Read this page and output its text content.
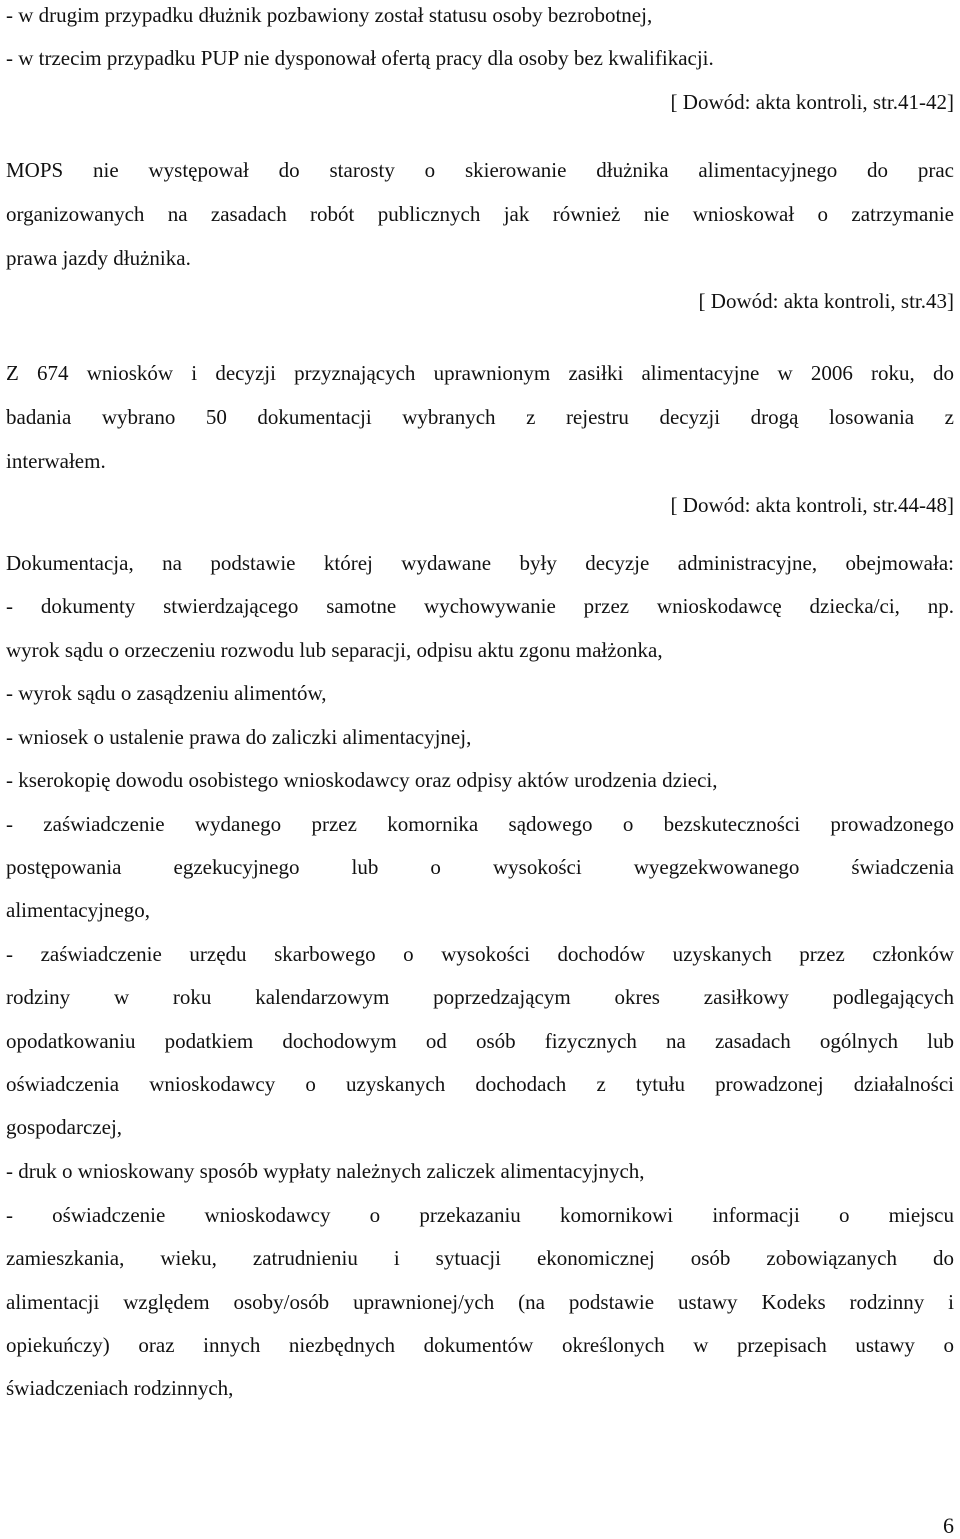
- w drugim przypadku dłużnik pozbawiony został statusu osoby bezrobotnej,
- w trzecim przypadku PUP nie dysponował ofertą pracy dla osoby bez kwalifikacji.
[ Dowód: akta kontroli, str.41-42]
MOPS nie występował do starosty o skierowanie dłużnika alimentacyjnego do prac
organizowanych na zasadach robót publicznych jak również nie wnioskował o zatrzymanie
prawa jazdy dłużnika.
[ Dowód: akta kontroli, str.43]
Z 674 wniosków i decyzji przyznających uprawnionym zasiłki alimentacyjne w 2006 roku, do
badania wybrano 50 dokumentacji wybranych z rejestru decyzji drogą losowania z
interwałem.
[ Dowód: akta kontroli, str.44-48]
Dokumentacja, na podstawie której wydawane były decyzje administracyjne, obejmowała:
- dokumenty stwierdzającego samotne wychowywanie przez wnioskodawcę dziecka/ci, np.
wyrok sądu o orzeczeniu rozwodu lub separacji, odpisu aktu zgonu małżonka,
- wyrok sądu o zasądzeniu alimentów,
- wniosek o ustalenie prawa do zaliczki alimentacyjnej,
- kserokopię dowodu osobistego wnioskodawcy oraz odpisy aktów urodzenia dzieci,
- zaświadczenie wydanego przez komornika sądowego o bezskuteczności prowadzonego
postępowania egzekucyjnego lub o wysokości wyegzekwowanego świadczenia
alimentacyjnego,
- zaświadczenie urzędu skarbowego o wysokości dochodów uzyskanych przez członków
rodziny w roku kalendarzowym poprzedzającym okres zasiłkowy podlegających
opodatkowaniu podatkiem dochodowym od osób fizycznych na zasadach ogólnych lub
oświadczenia wnioskodawcy o uzyskanych dochodach z tytułu prowadzonej działalności
gospodarczej,
- druk o wnioskowany sposób wypłaty należnych zaliczek alimentacyjnych,
- oświadczenie wnioskodawcy o przekazaniu komornikowi informacji o miejscu
zamieszkania, wieku, zatrudnieniu i sytuacji ekonomicznej osób zobowiązanych do
alimentacji względem osoby/osób uprawnionej/ych (na podstawie ustawy Kodeks rodzinny i
opiekuńczy) oraz innych niezbędnych dokumentów określonych w przepisach ustawy o
świadczeniach rodzinnych,
6
